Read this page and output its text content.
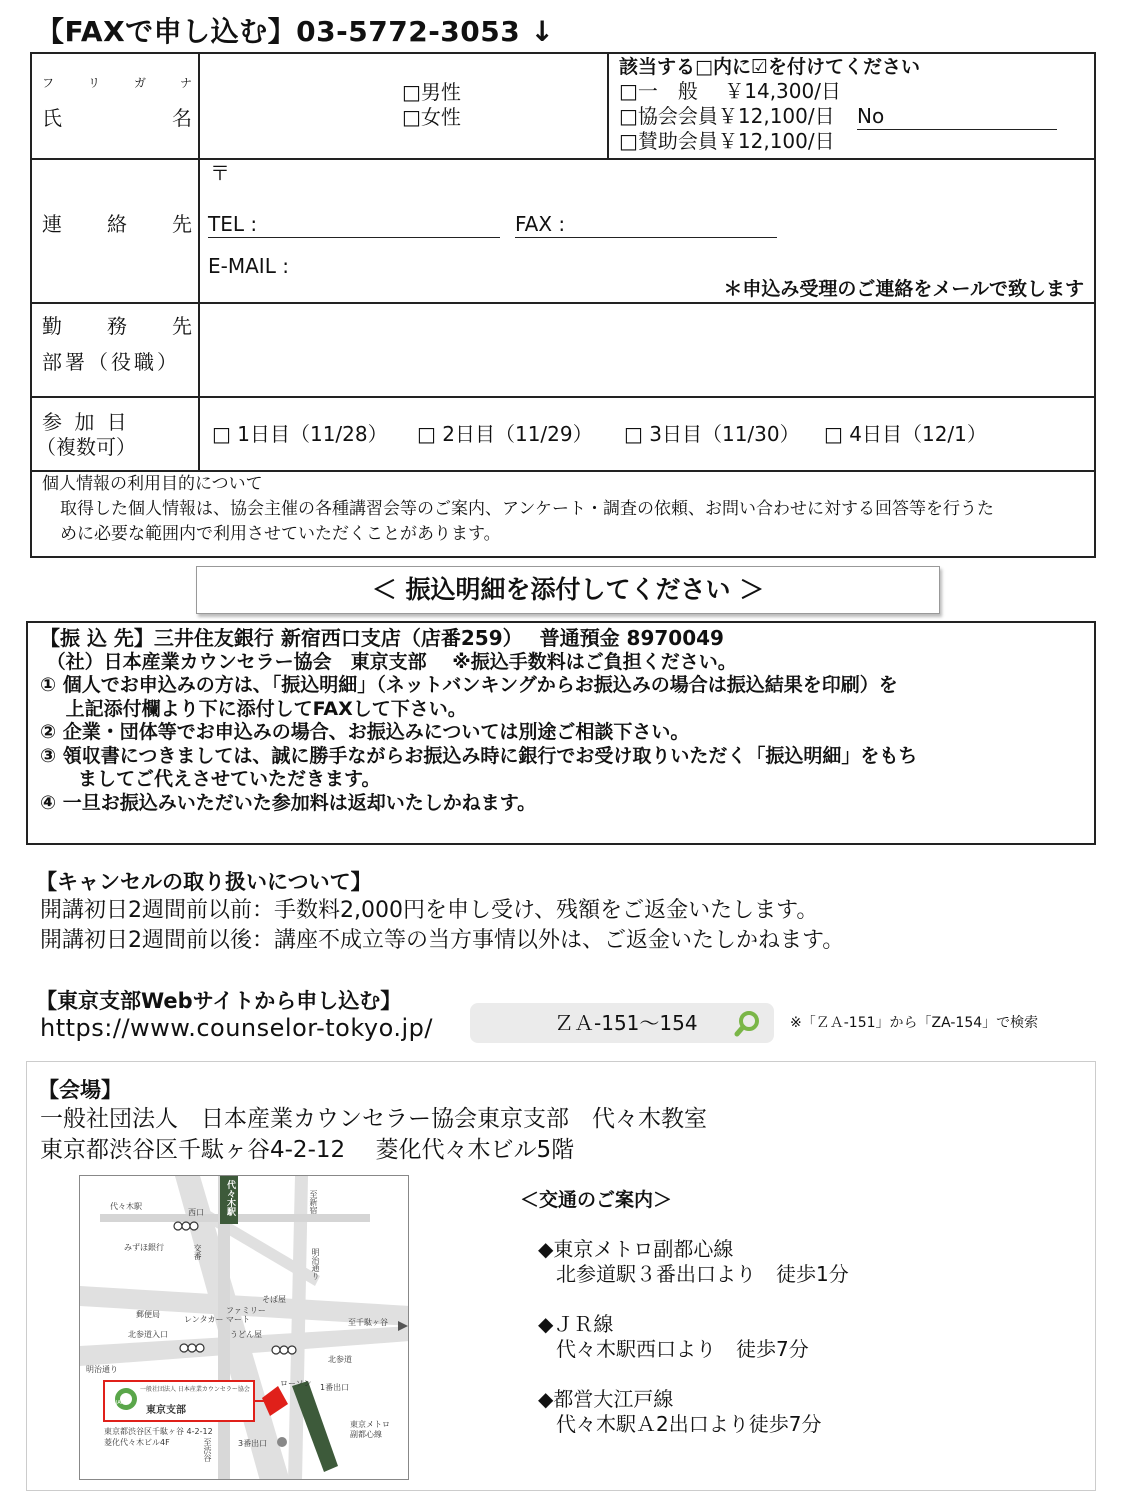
【FAXで申し込む】03-5772-3053 ↓
フ	リ	ガ	ナ
氏	名
□男性
□女性
該当する□内に☑を付けてください
□一　般　 ￥14,300/日
□協会会員￥12,100/日 No
□賛助会員￥12,100/日
連 絡 先
〒
TEL :	FAX :
E-MAIL :
＊申込み受理のご連絡をメールで致します
勤 務 先
部署（役職）
参 加 日
（複数可）
□ 1日目（11/28） □ 2日目（11/29） □ 3日目（11/30） □ 4日目（12/1）
個人情報の利用目的について
取得した個人情報は、協会主催の各種講習会等のご案内、アンケート・調査の依頼、お問い合わせに対する回答等を行うた
めに必要な範囲内で利用させていただくことがあります。
＜ 振込明細を添付してください ＞
【振 込 先】三井住友銀行 新宿西口支店（店番259）　 普通預金 8970049
（社）日本産業カウンセラー協会　東京支部　 ※振込手数料はご負担ください。
① 個人でお申込みの方は、「振込明細」（ネットバンキングからお振込みの場合は振込結果を印刷）を
　 上記添付欄より下に添付してFAXして下さい。
② 企業・団体等でお申込みの場合、お振込みについては別途ご相談下さい。
③ 領収書につきましては、誠に勝手ながらお振込み時に銀行でお受け取りいただく「振込明細」をもち
　　ましてご代えさせていただきます。
④ 一旦お振込みいただいた参加料は返却いたしかねます。
【キャンセルの取り扱いについて】
開講初日2週間前以前：手数料2,000円を申し受け、残額をご返金いたします。
開講初日2週間前以後：講座不成立等の当方事情以外は、ご返金いたしかねます。
【東京支部Webサイトから申し込む】
https://www.counselor-tokyo.jp/	ＺＡ-151～154	※「ＺＡ-151」から「ZA-154」で検索
【会場】
一般社団法人　日本産業カウンセラー協会東京支部　代々木教室
東京都渋谷区千駄ヶ谷4-2-12　 菱化代々木ビル5階
代々木駅
西口 代々木駅	至新宿
明治通り
みずほ銀行	交番
そば屋
ファミリーマート
郵便局
レンタカー
うどん屋
至千駄ヶ谷
北参道入口
北参道
明治通り
ローソン 1番出口
3番出口
至渋谷
東京メトロ副都心線
JAICO
一般社団法人 日本産業カウンセラー協会
東京支部
東京都渋谷区千駄ヶ谷 4-2-12
菱化代々木ビル4F
＜交通のご案内＞
◆東京メトロ副都心線
北参道駅３番出口より　徒歩1分
◆ＪＲ線
代々木駅西口より　徒歩7分
◆都営大江戸線
代々木駅Ａ2出口より徒歩7分
